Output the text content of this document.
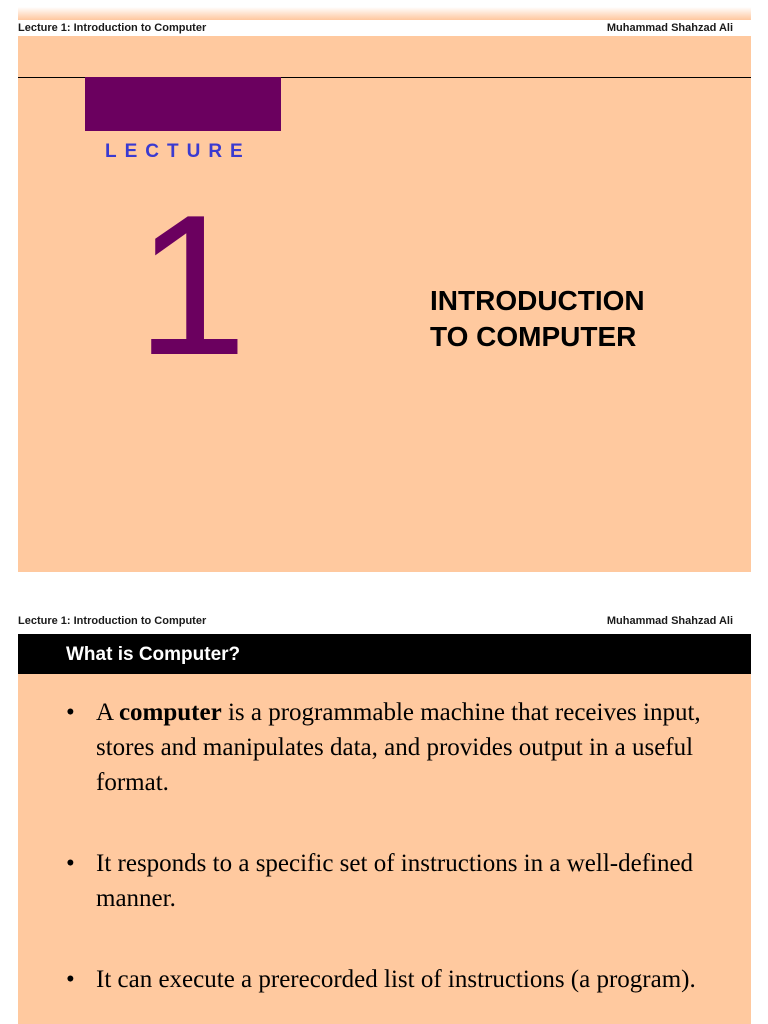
Lecture 1: Introduction to Computer	Muhammad Shahzad Ali
LECTURE
1	INTRODUCTION
TO COMPUTER
Lecture 1: Introduction to Computer	Muhammad Shahzad Ali
What is Computer?
• A computer is a programmable machine that receives input, stores and manipulates data, and provides output in a useful format.
• It responds to a specific set of instructions in a well-defined manner.
• It can execute a prerecorded list of instructions (a program).
